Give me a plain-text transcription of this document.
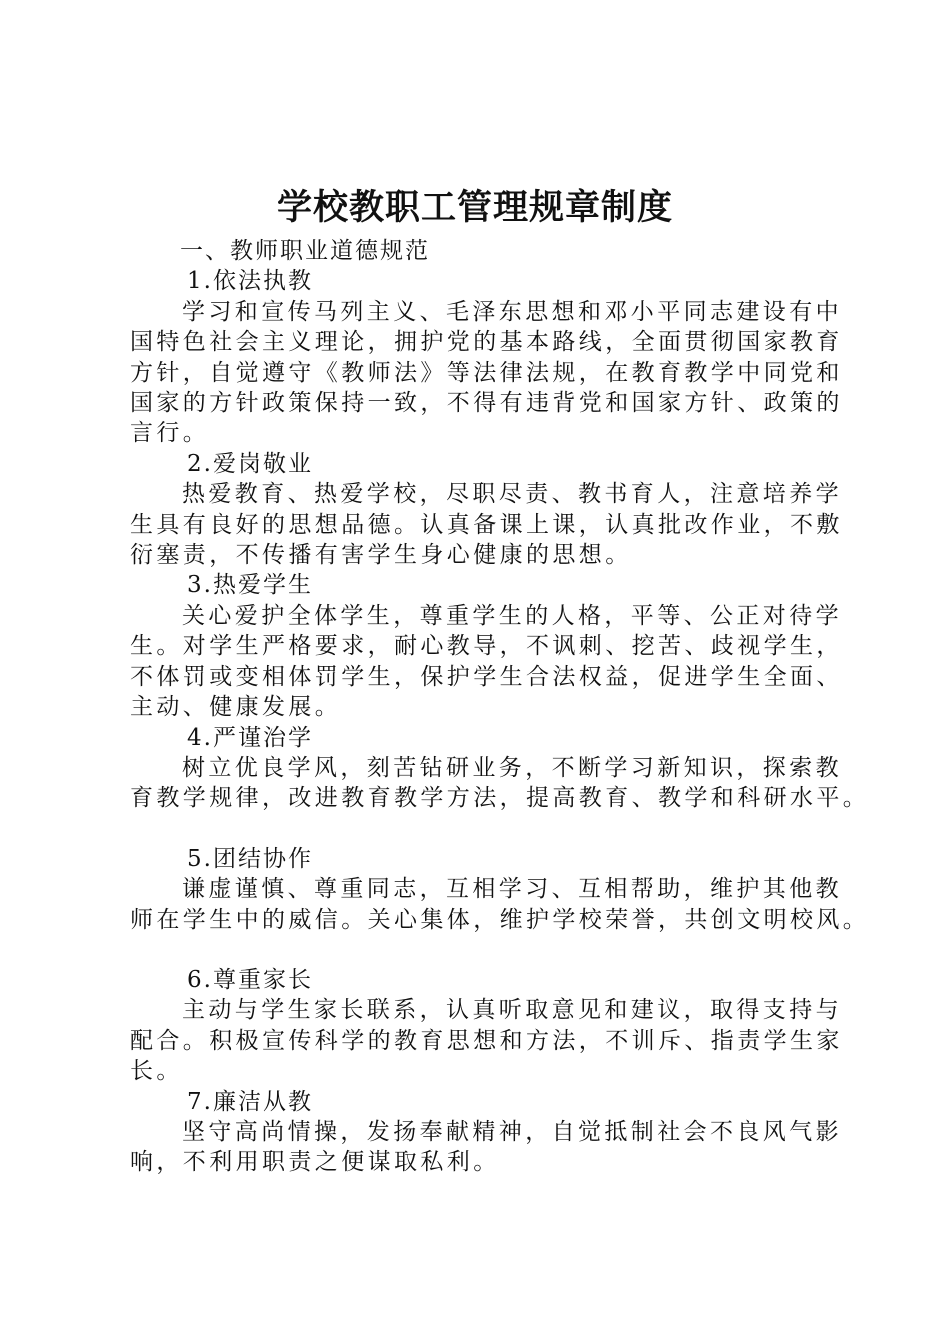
学校教职工管理规章制度
一、教师职业道德规范
1.依法执教
学习和宣传马列主义、毛泽东思想和邓小平同志建设有中
国特色社会主义理论，拥护党的基本路线，全面贯彻国家教育
方针，自觉遵守《教师法》等法律法规，在教育教学中同党和
国家的方针政策保持一致，不得有违背党和国家方针、政策的
言行。
2.爱岗敬业
热爱教育、热爱学校，尽职尽责、教书育人，注意培养学
生具有良好的思想品德。认真备课上课，认真批改作业，不敷
衍塞责，不传播有害学生身心健康的思想。
3.热爱学生
关心爱护全体学生，尊重学生的人格，平等、公正对待学
生。对学生严格要求，耐心教导，不讽刺、挖苦、歧视学生，
不体罚或变相体罚学生，保护学生合法权益，促进学生全面、
主动、健康发展。
4.严谨治学
树立优良学风，刻苦钻研业务，不断学习新知识，探索教
育教学规律，改进教育教学方法，提高教育、教学和科研水平。
5.团结协作
谦虚谨慎、尊重同志，互相学习、互相帮助，维护其他教
师在学生中的威信。关心集体，维护学校荣誉，共创文明校风。
6.尊重家长
主动与学生家长联系，认真听取意见和建议，取得支持与
配合。积极宣传科学的教育思想和方法，不训斥、指责学生家
长。
7.廉洁从教
坚守高尚情操，发扬奉献精神，自觉抵制社会不良风气影
响，不利用职责之便谋取私利。
